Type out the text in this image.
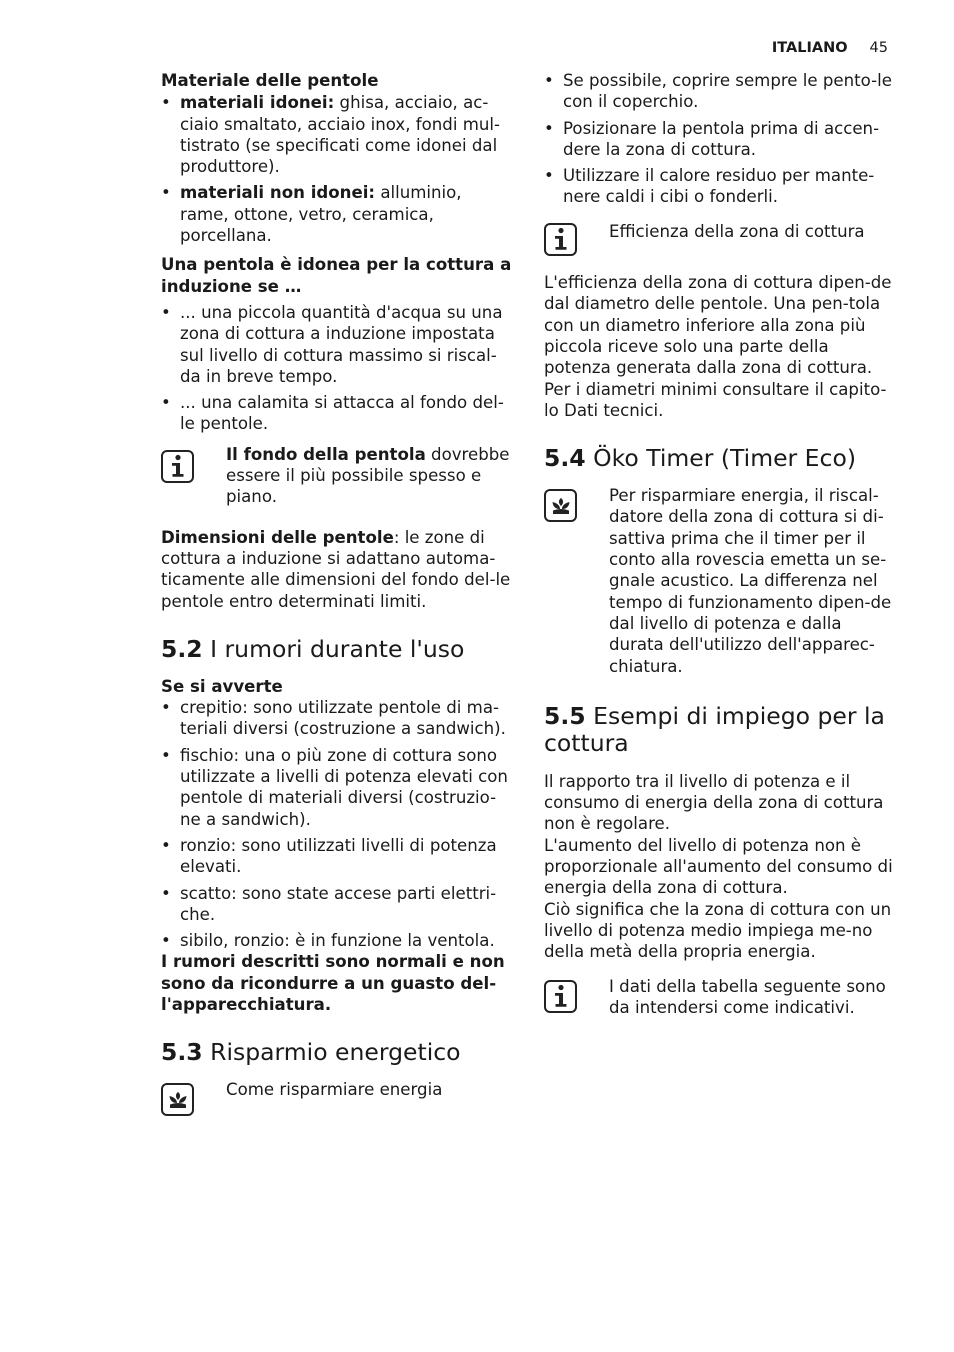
ITALIANO 45

Materiale delle pentole

• materiali idonei: ghisa, acciaio, ac-ciaio smaltato, acciaio inox, fondi mul-tistrato (se specificati come idonei dal produttore).
• materiali non idonei: alluminio, rame, ottone, vetro, ceramica, porcellana.

Una pentola è idonea per la cottura a induzione se …

• ... una piccola quantità d'acqua su una zona di cottura a induzione impostata sul livello di cottura massimo si riscal-da in breve tempo.
• ... una calamita si attacca al fondo del-le pentole.

Il fondo della pentola dovrebbe essere il più possibile spesso e piano.

Dimensioni delle pentole: le zone di cottura a induzione si adattano automa-ticamente alle dimensioni del fondo del-le pentole entro determinati limiti.

5.2 I rumori durante l'uso

Se si avverte

• crepitio: sono utilizzate pentole di ma-teriali diversi (costruzione a sandwich).
• fischio: una o più zone di cottura sono utilizzate a livelli di potenza elevati con pentole di materiali diversi (costruzio-ne a sandwich).
• ronzio: sono utilizzati livelli di potenza elevati.
• scatto: sono state accese parti elettri-che.
• sibilo, ronzio: è in funzione la ventola.

I rumori descritti sono normali e non sono da ricondurre a un guasto del-l'apparecchiatura.

5.3 Risparmio energetico

Come risparmiare energia

• Se possibile, coprire sempre le pento-le con il coperchio.
• Posizionare la pentola prima di accen-dere la zona di cottura.
• Utilizzare il calore residuo per mante-nere caldi i cibi o fonderli.

Efficienza della zona di cottura

L'efficienza della zona di cottura dipen-de dal diametro delle pentole. Una pen-tola con un diametro inferiore alla zona più piccola riceve solo una parte della potenza generata dalla zona di cottura. Per i diametri minimi consultare il capito-lo Dati tecnici.

5.4 Öko Timer (Timer Eco)

Per risparmiare energia, il riscal-datore della zona di cottura si di-sattiva prima che il timer per il conto alla rovescia emetta un se-gnale acustico. La differenza nel tempo di funzionamento dipen-de dal livello di potenza e dalla durata dell'utilizzo dell'apparec-chiatura.

5.5 Esempi di impiego per la cottura

Il rapporto tra il livello di potenza e il consumo di energia della zona di cottura non è regolare.

L'aumento del livello di potenza non è proporzionale all'aumento del consumo di energia della zona di cottura.

Ciò significa che la zona di cottura con un livello di potenza medio impiega me-no della metà della propria energia.

I dati della tabella seguente sono da intendersi come indicativi.
